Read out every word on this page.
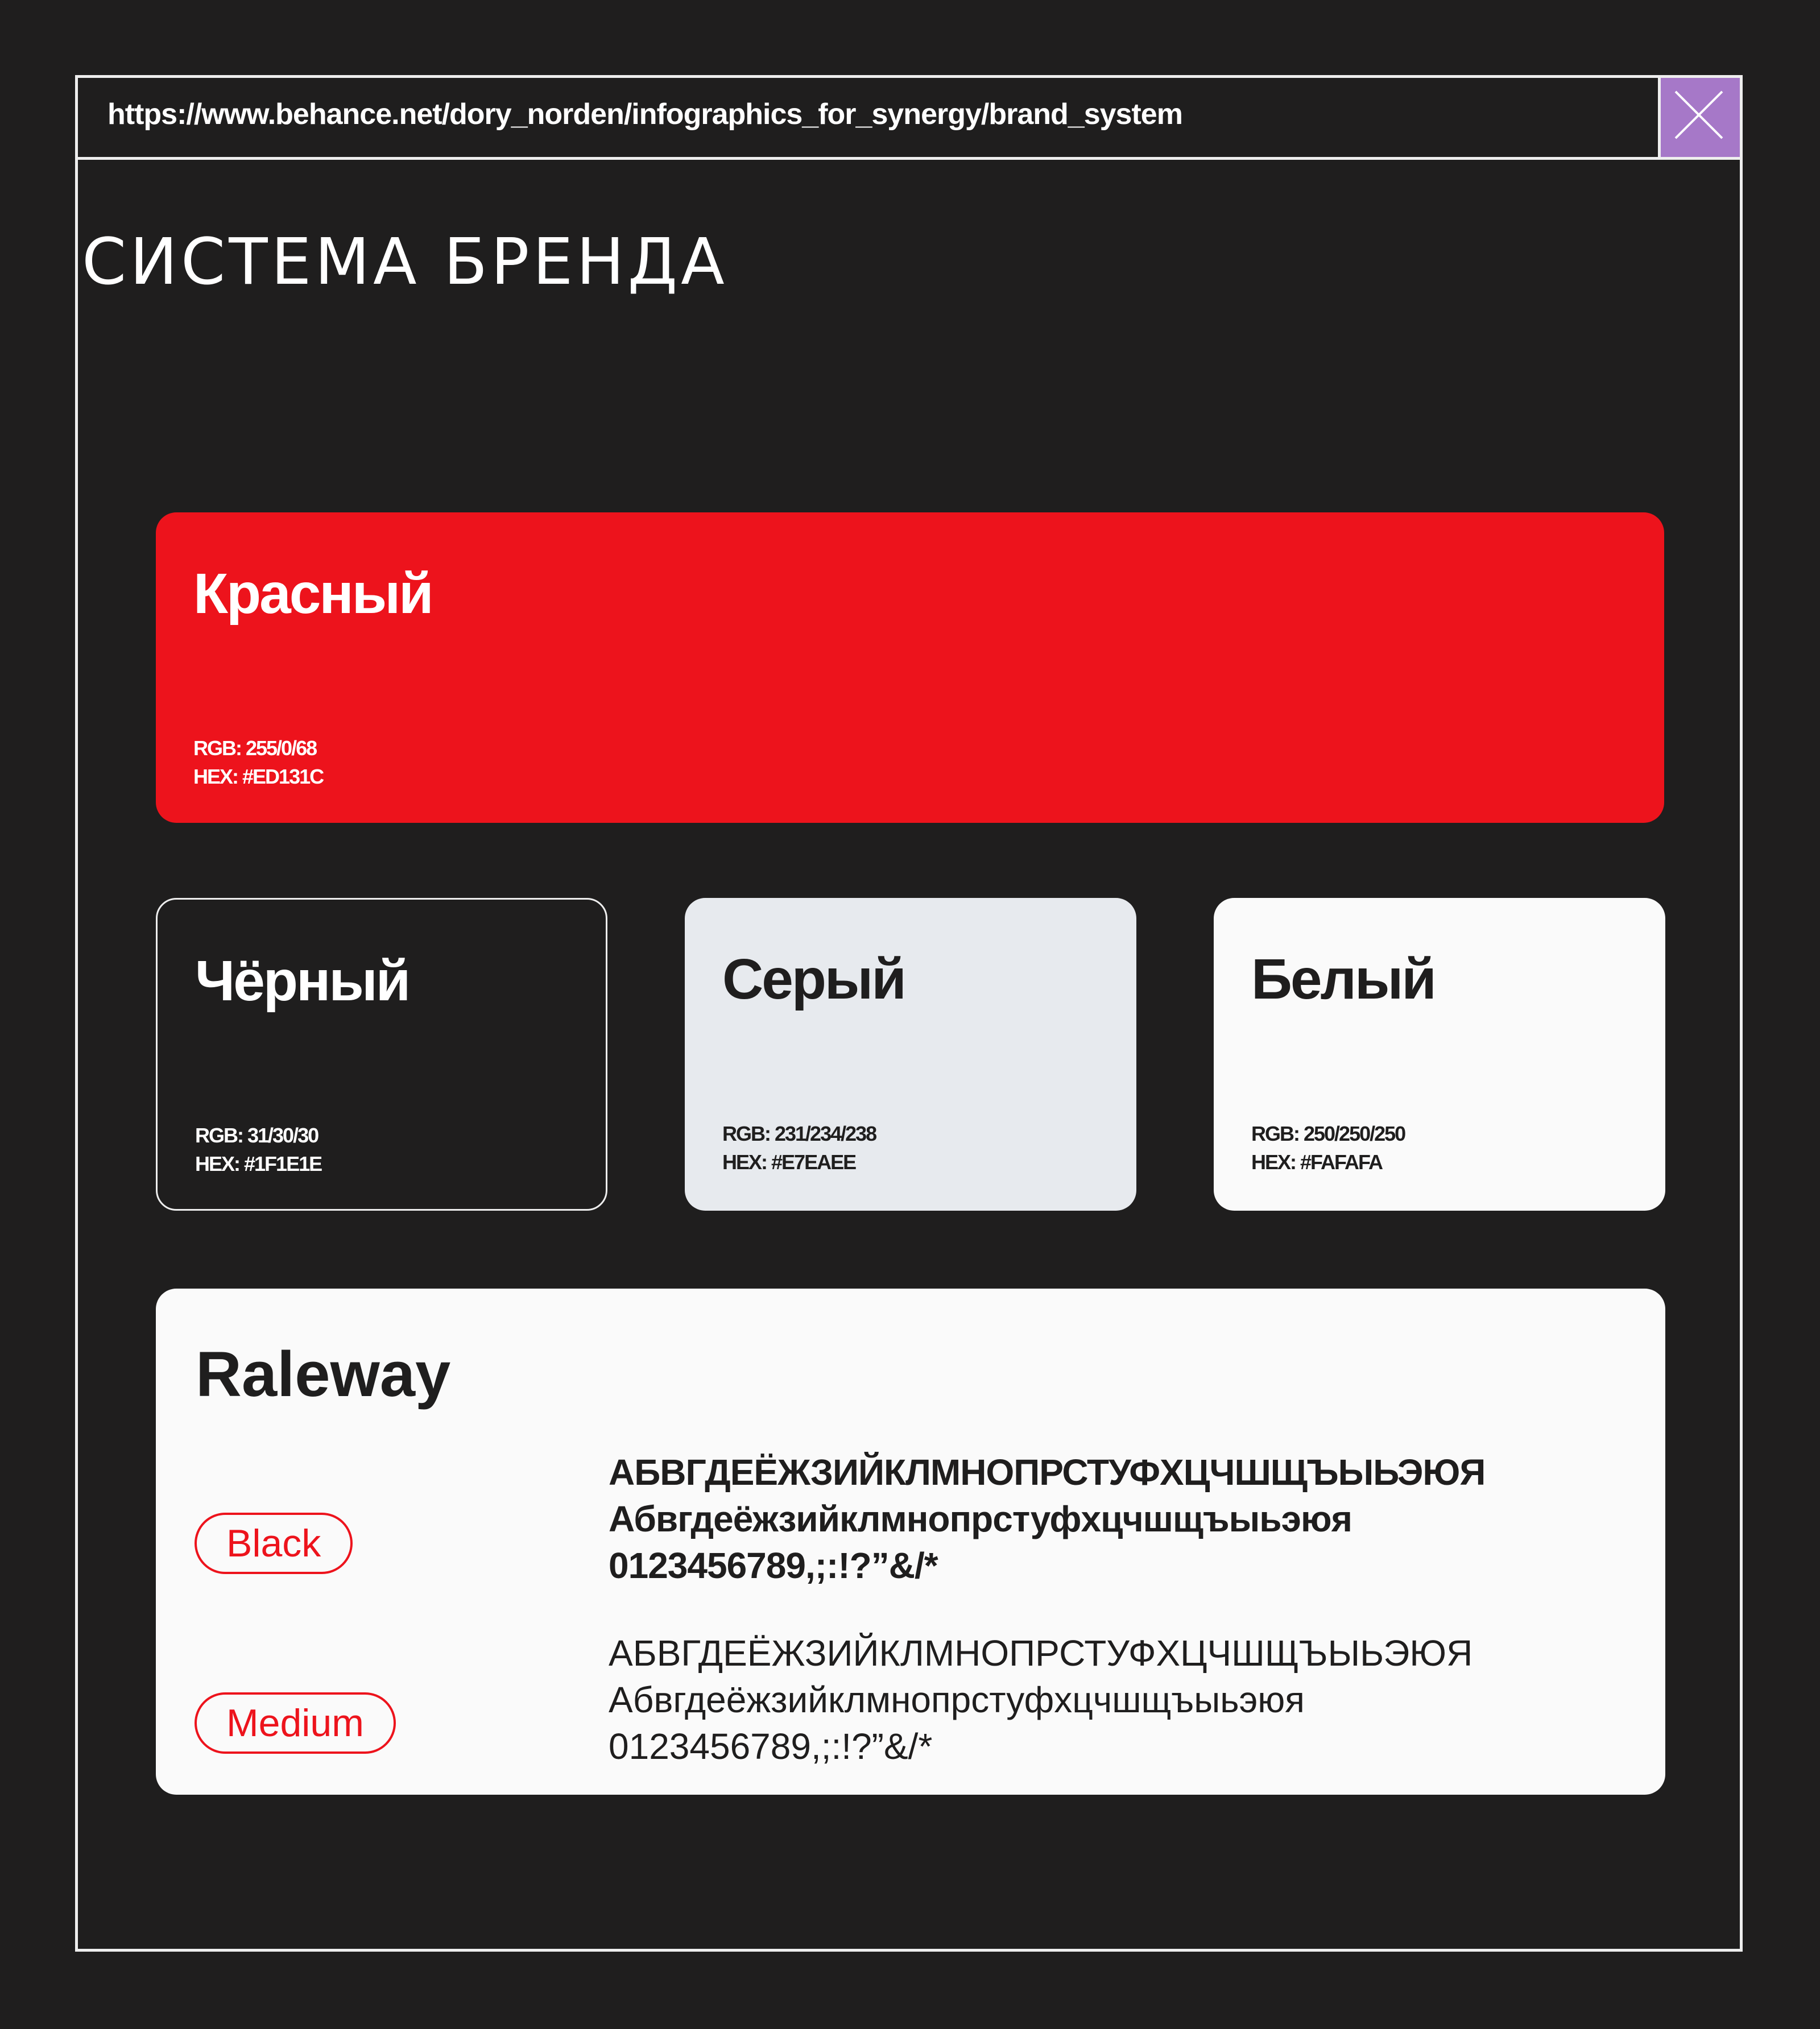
https://www.behance.net/dory_norden/infographics_for_synergy/brand_system
СИСТЕМА БРЕНДА
Красный
RGB: 255/0/68
HEX: #ED131C
Чёрный
RGB: 31/30/30
HEX: #1F1E1E
Серый
RGB: 231/234/238
HEX: #E7EAEE
Белый
RGB: 250/250/250
HEX: #FAFAFA
Raleway
Black
Medium
АБВГДЕЁЖЗИЙКЛМНОПРСТУФХЦЧШЩЪЫЬЭЮЯ
Абвгдеёжзийклмнопрстуфхцчшщъыьэюя
0123456789,;:!?”&/*
АБВГДЕЁЖЗИЙКЛМНОПРСТУФХЦЧШЩЪЫЬЭЮЯ
Абвгдеёжзийклмнопрстуфхцчшщъыьэюя
0123456789,;:!?”&/*
